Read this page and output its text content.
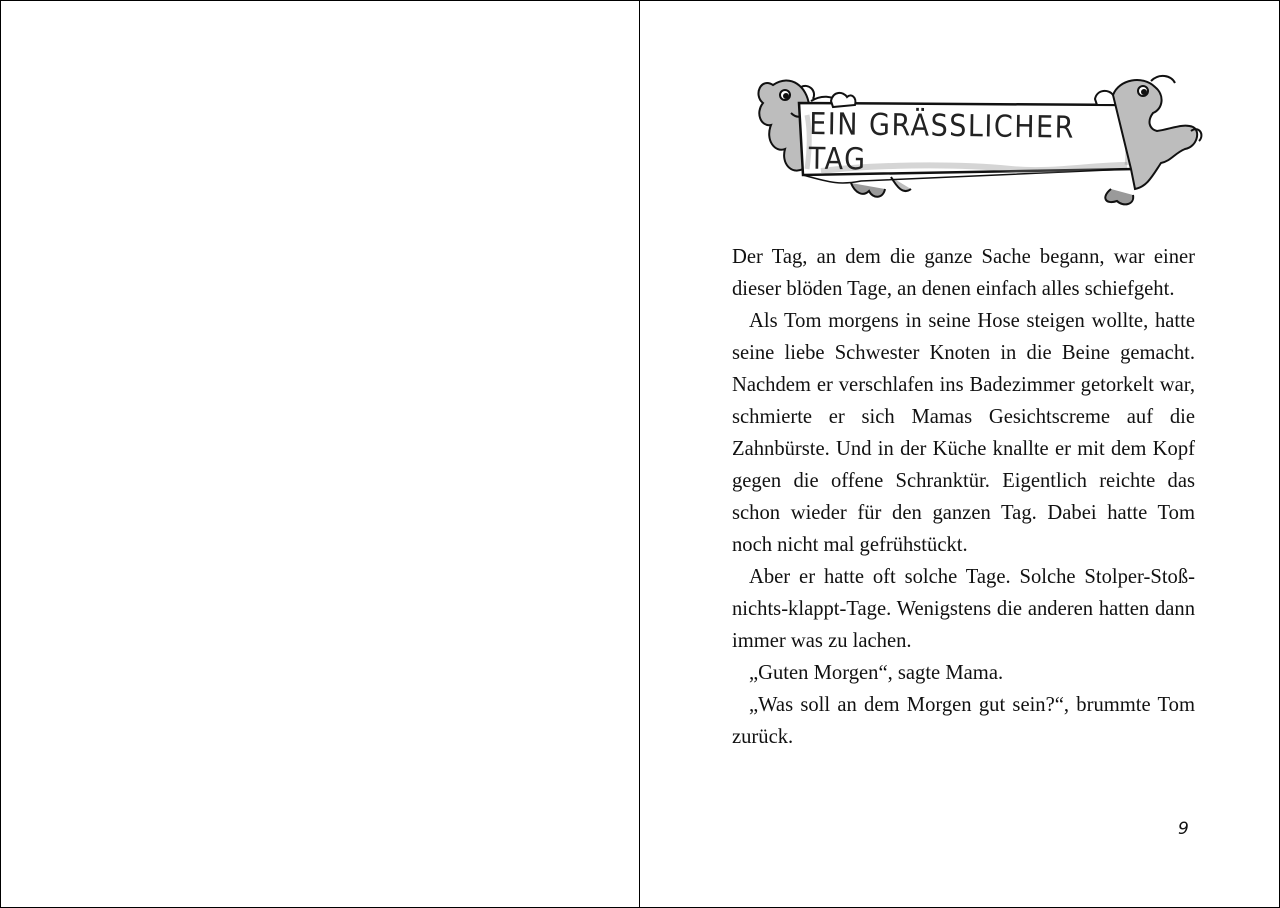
EIN GRÄSSLICHER TAG

Der Tag, an dem die ganze Sache begann, war einer dieser blöden Tage, an denen einfach alles schiefgeht.

Als Tom morgens in seine Hose steigen wollte, hatte seine liebe Schwester Knoten in die Beine gemacht. Nachdem er verschlafen ins Badezimmer getorkelt war, schmierte er sich Mamas Gesichtscreme auf die Zahnbürste. Und in der Küche knallte er mit dem Kopf gegen die offene Schranktür. Eigentlich reichte das schon wieder für den ganzen Tag. Dabei hatte Tom noch nicht mal gefrühstückt.

Aber er hatte oft solche Tage. Solche Stolper-Stoß-nichts-klappt-Tage. Wenigstens die anderen hatten dann immer was zu lachen.

„Guten Morgen“, sagte Mama.

„Was soll an dem Morgen gut sein?“, brummte Tom zurück.

9
